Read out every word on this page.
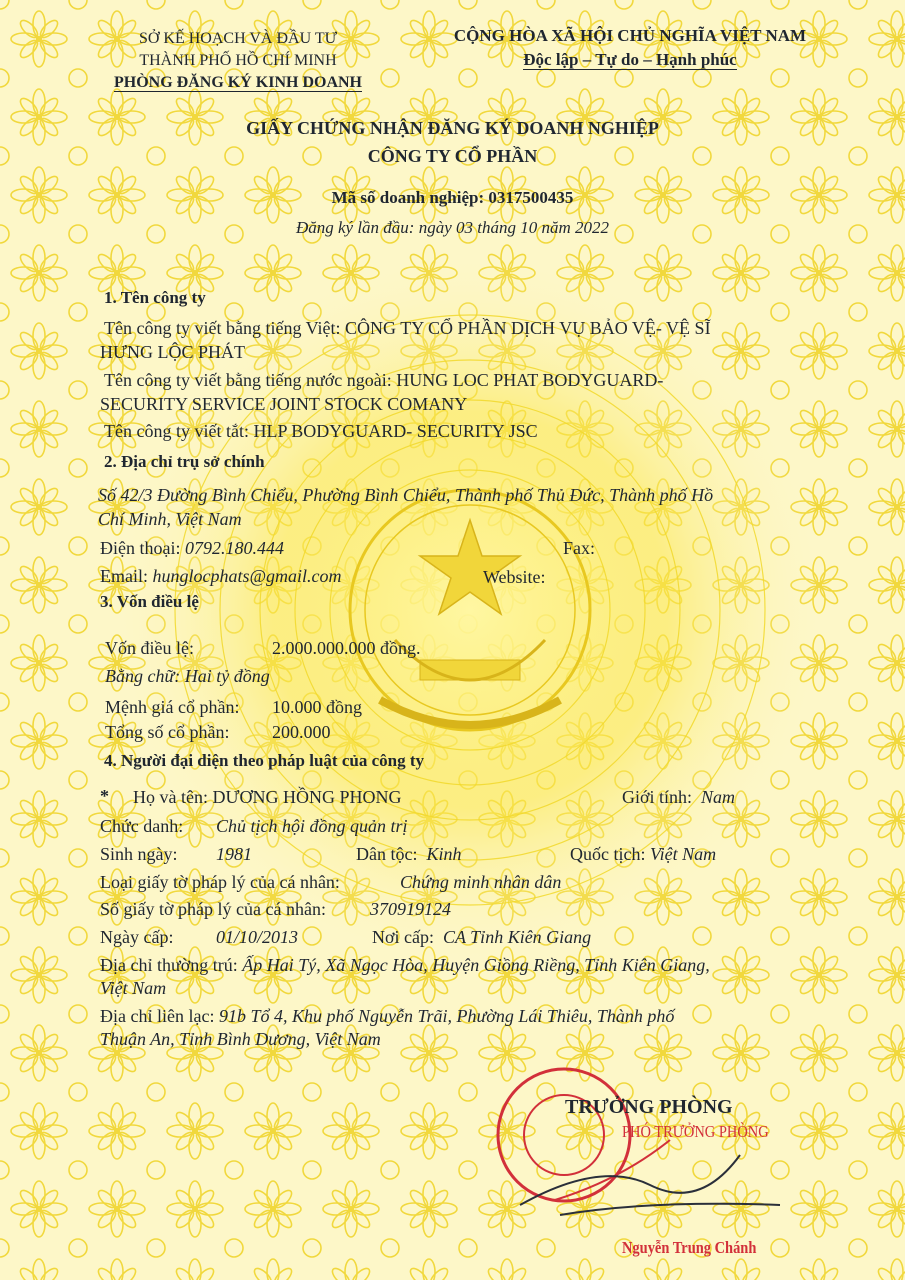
SỞ KẾ HOẠCH VÀ ĐẦU TƯ
THÀNH PHỐ HỒ CHÍ MINH
PHÒNG ĐĂNG KÝ KINH DOANH
CỘNG HÒA XÃ HỘI CHỦ NGHĨA VIỆT NAM
Độc lập – Tự do – Hạnh phúc
GIẤY CHỨNG NHẬN ĐĂNG KÝ DOANH NGHIỆP
CÔNG TY CỔ PHẦN
Mã số doanh nghiệp: 0317500435
Đăng ký lần đầu: ngày 03 tháng 10 năm 2022
1. Tên công ty
Tên công ty viết bằng tiếng Việt: CÔNG TY CỔ PHẦN DỊCH VỤ BẢO VỆ- VỆ SĨ
HƯNG LỘC PHÁT
Tên công ty viết bằng tiếng nước ngoài: HUNG LOC PHAT BODYGUARD-
SECURITY SERVICE JOINT STOCK COMANY
Tên công ty viết tắt: HLP BODYGUARD- SECURITY JSC
2. Địa chỉ trụ sở chính
Số 42/3 Đường Bình Chiểu, Phường Bình Chiểu, Thành phố Thủ Đức, Thành phố Hồ
Chí Minh, Việt Nam
Điện thoại: 0792.180.444	Fax:
Email: hunglocphats@gmail.com	Website:
3. Vốn điều lệ
Vốn điều lệ:	2.000.000.000 đồng.
Bằng chữ: Hai tỷ đồng
Mệnh giá cổ phần: 10.000 đồng
Tổng số cổ phần: 200.000
4. Người đại diện theo pháp luật của công ty
* Họ và tên: DƯƠNG HỒNG PHONG	Giới tính: Nam
Chức danh: Chủ tịch hội đồng quản trị
Sinh ngày: 1981	Dân tộc: Kinh	Quốc tịch: Việt Nam
Loại giấy tờ pháp lý của cá nhân:	Chứng minh nhân dân
Số giấy tờ pháp lý của cá nhân: 370919124
Ngày cấp: 01/10/2013	Nơi cấp: CA Tỉnh Kiên Giang
Địa chỉ thường trú: Ấp Hai Tý, Xã Ngọc Hòa, Huyện Giồng Riềng, Tỉnh Kiên Giang,
Việt Nam
Địa chỉ liên lạc: 91b Tổ 4, Khu phố Nguyễn Trãi, Phường Lái Thiêu, Thành phố
Thuận An, Tỉnh Bình Dương, Việt Nam
TRƯỞNG PHÒNG
PHÓ TRƯỞNG PHÒNG
Nguyễn Trung Chánh
